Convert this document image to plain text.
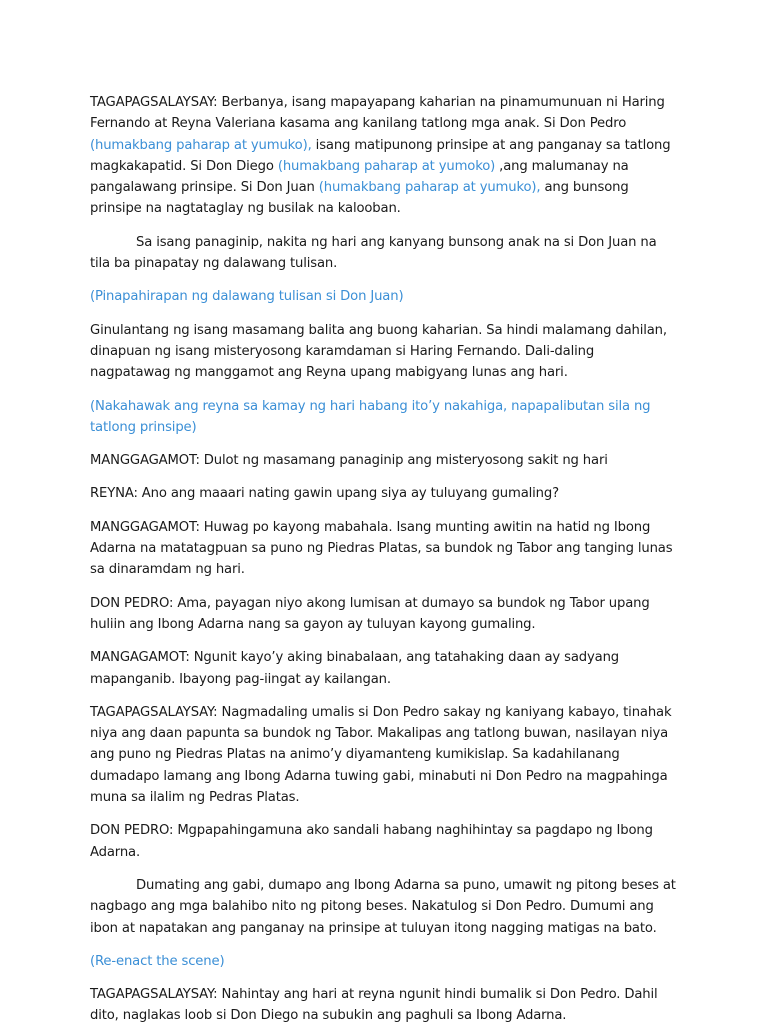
TAGAPAGSALAYSAY: Berbanya, isang mapayapang kaharian na pinamumunuan ni Haring Fernando at Reyna Valeriana kasama ang kanilang tatlong mga anak. Si Don Pedro (humakbang paharap at yumuko), isang matipunong prinsipe at ang panganay sa tatlong magkakapatid. Si Don Diego (humakbang paharap at yumoko) ,ang malumanay na pangalawang prinsipe. Si Don Juan (humakbang paharap at yumuko), ang bunsong prinsipe na nagtataglay ng busilak na kalooban.

Sa isang panaginip, nakita ng hari ang kanyang bunsong anak na si Don Juan na tila ba pinapatay ng dalawang tulisan.

(Pinapahirapan ng dalawang tulisan si Don Juan)

Ginulantang ng isang masamang balita ang buong kaharian. Sa hindi malamang dahilan, dinapuan ng isang misteryosong karamdaman si Haring Fernando. Dali-daling nagpatawag ng manggamot ang Reyna upang mabigyang lunas ang hari.

(Nakahawak ang reyna sa kamay ng hari habang ito’y nakahiga, napapalibutan sila ng tatlong prinsipe)

MANGGAGAMOT: Dulot ng masamang panaginip ang misteryosong sakit ng hari

REYNA: Ano ang maaari nating gawin upang siya ay tuluyang gumaling?

MANGGAGAMOT: Huwag po kayong mabahala. Isang munting awitin na hatid ng Ibong Adarna na matatagpuan sa puno ng Piedras Platas, sa bundok ng Tabor ang tanging lunas sa dinaramdam ng hari.

DON PEDRO: Ama, payagan niyo akong lumisan at dumayo sa bundok ng Tabor upang huliin ang Ibong Adarna nang sa gayon ay tuluyan kayong gumaling.

MANGAGAMOT: Ngunit kayo’y aking binabalaan, ang tatahaking daan ay sadyang mapanganib. Ibayong pag-iingat ay kailangan.

TAGAPAGSALAYSAY: Nagmadaling umalis si Don Pedro sakay ng kaniyang kabayo, tinahak niya ang daan papunta sa bundok ng Tabor. Makalipas ang tatlong buwan, nasilayan niya ang puno ng Piedras Platas na animo’y diyamanteng kumikislap. Sa kadahilanang dumadapo lamang ang Ibong Adarna tuwing gabi, minabuti ni Don Pedro na magpahinga muna sa ilalim ng Pedras Platas.

DON PEDRO: Mgpapahingamuna ako sandali habang naghihintay sa pagdapo ng Ibong Adarna.

Dumating ang gabi, dumapo ang Ibong Adarna sa puno, umawit ng pitong beses at nagbago ang mga balahibo nito ng pitong beses. Nakatulog si Don Pedro. Dumumi ang ibon at napatakan ang panganay na prinsipe at tuluyan itong nagging matigas na bato.

(Re-enact the scene)

TAGAPAGSALAYSAY: Nahintay ang hari at reyna ngunit hindi bumalik si Don Pedro. Dahil dito, naglakas loob si Don Diego na subukin ang paghuli sa Ibong Adarna.
